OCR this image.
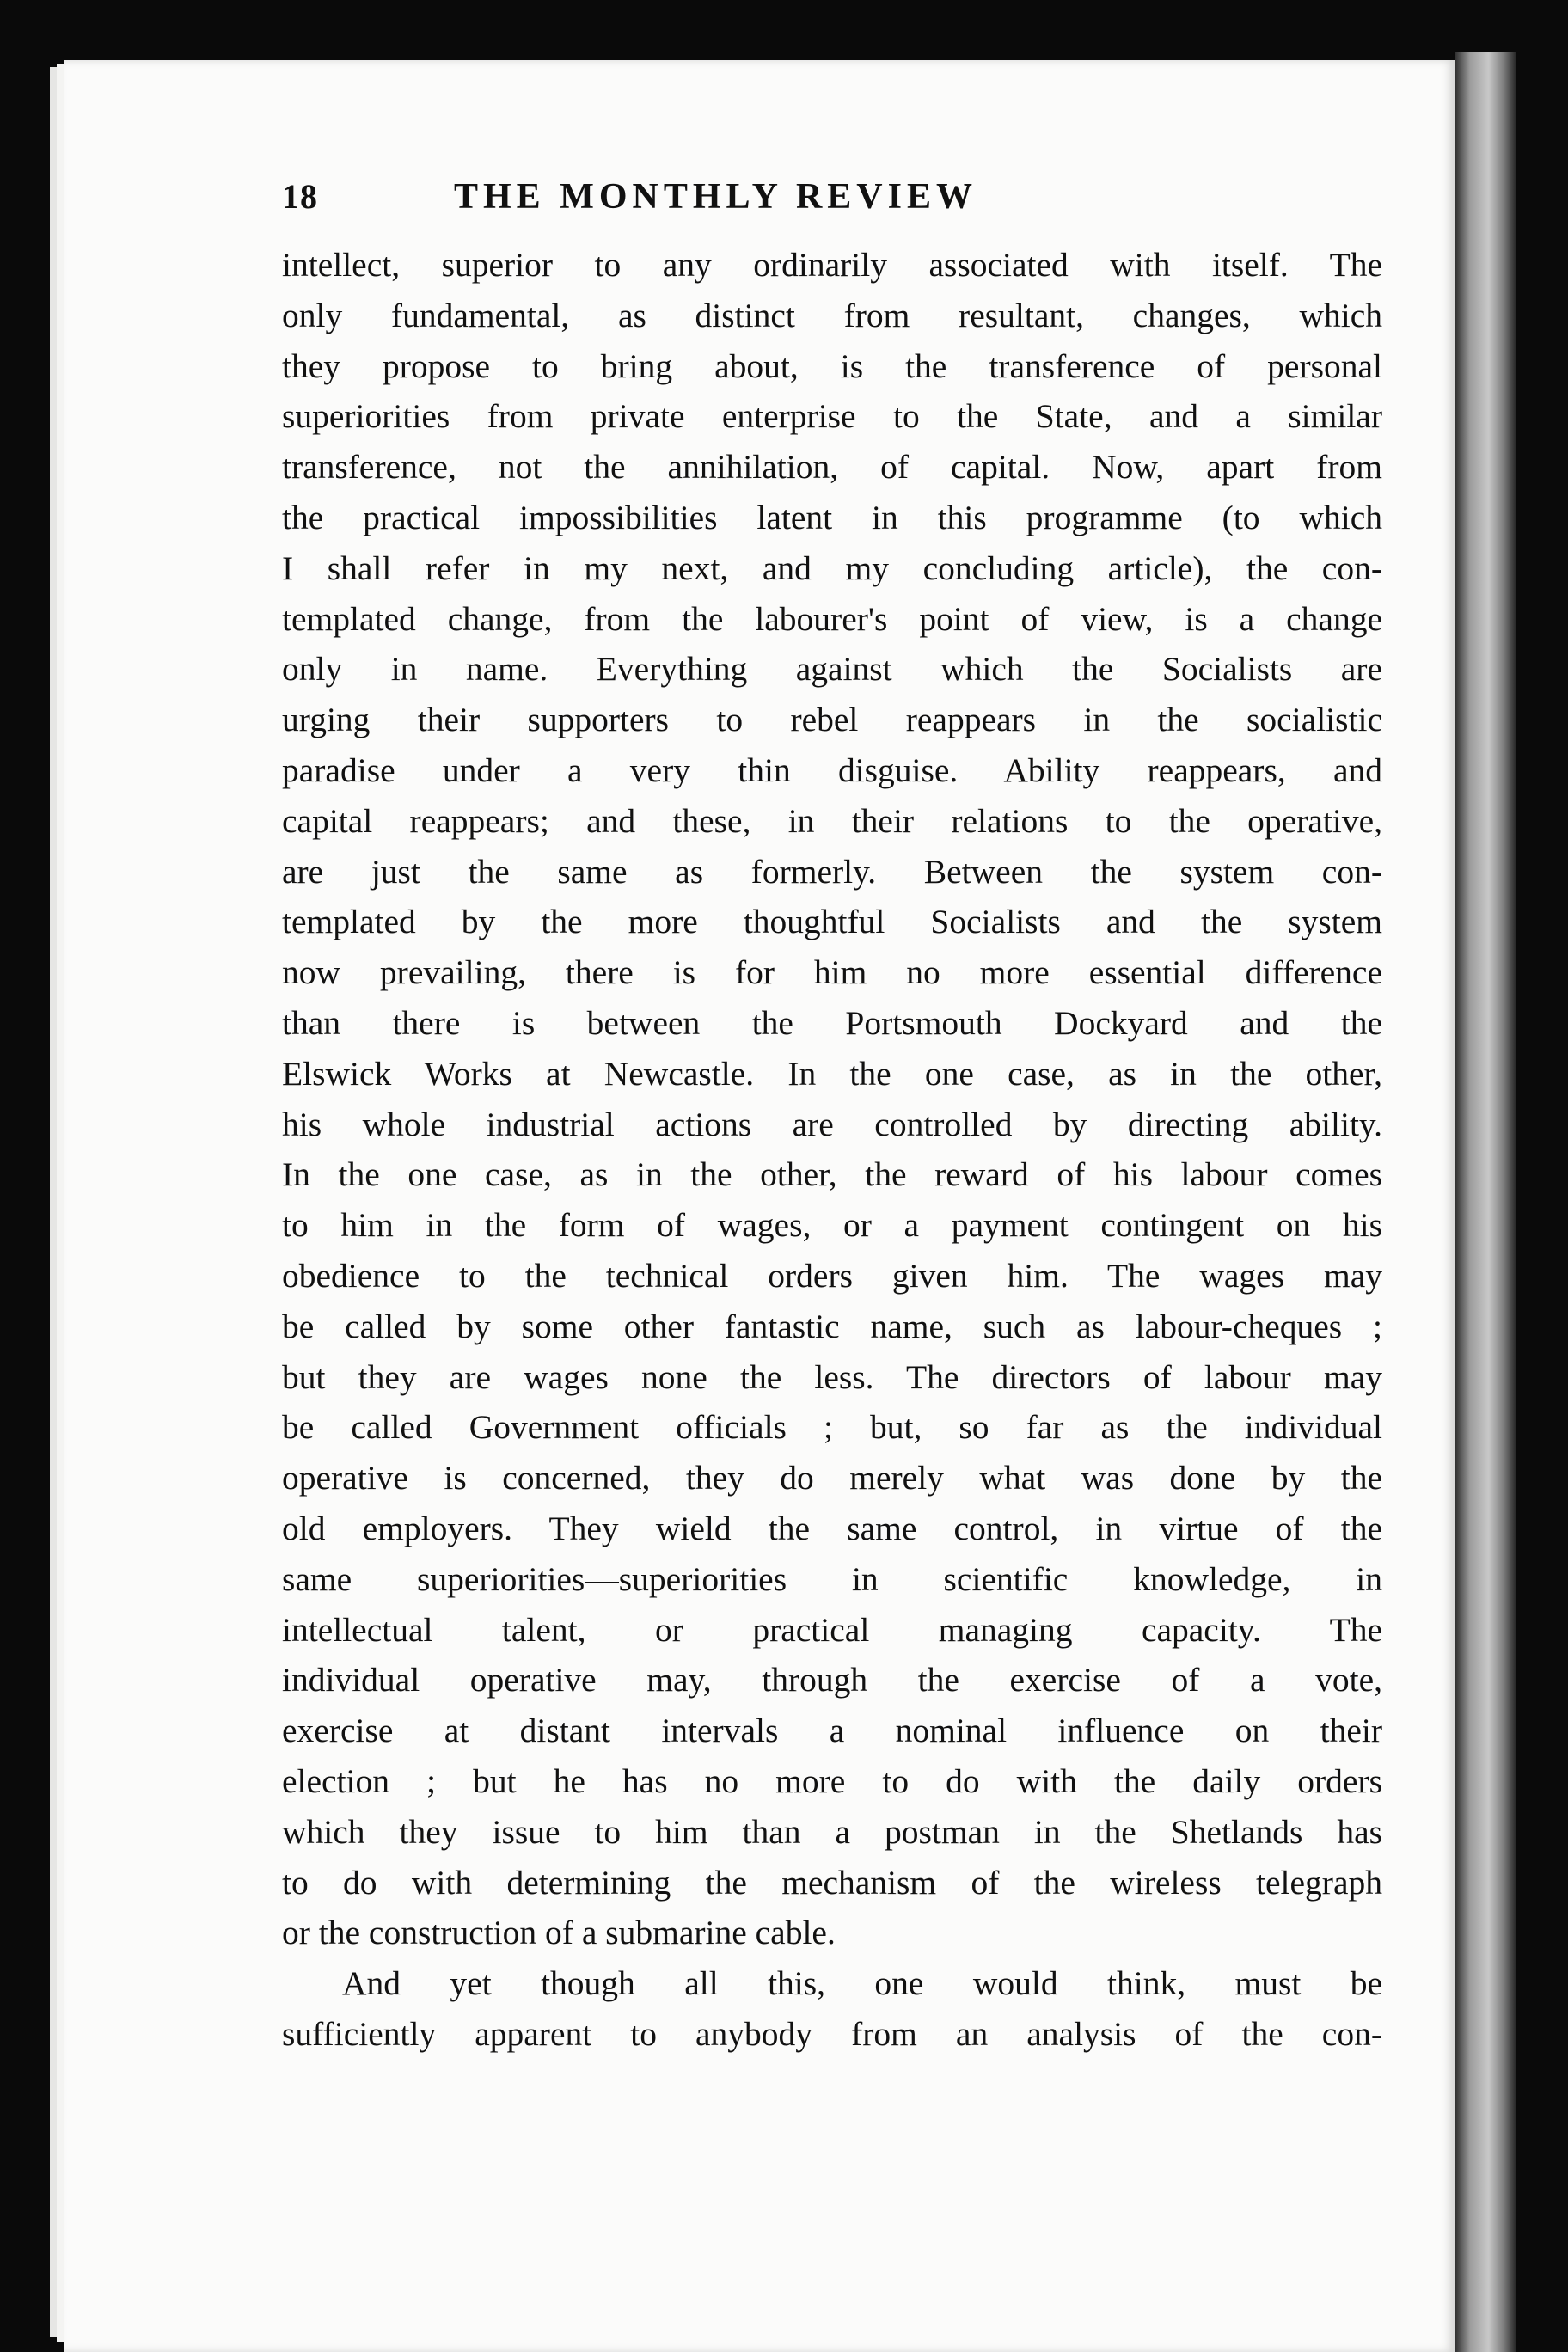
18	THE MONTHLY REVIEW
intellect, superior to any ordinarily associated with itself. The
only fundamental, as distinct from resultant, changes, which
they propose to bring about, is the transference of personal
superiorities from private enterprise to the State, and a similar
transference, not the annihilation, of capital. Now, apart from
the practical impossibilities latent in this programme (to which
I shall refer in my next, and my concluding article), the con-
templated change, from the labourer's point of view, is a change
only in name. Everything against which the Socialists are
urging their supporters to rebel reappears in the socialistic
paradise under a very thin disguise. Ability reappears, and
capital reappears; and these, in their relations to the operative,
are just the same as formerly. Between the system con-
templated by the more thoughtful Socialists and the system
now prevailing, there is for him no more essential difference
than there is between the Portsmouth Dockyard and the
Elswick Works at Newcastle. In the one case, as in the other,
his whole industrial actions are controlled by directing ability.
In the one case, as in the other, the reward of his labour comes
to him in the form of wages, or a payment contingent on his
obedience to the technical orders given him. The wages may
be called by some other fantastic name, such as labour-cheques ;
but they are wages none the less. The directors of labour may
be called Government officials ; but, so far as the individual
operative is concerned, they do merely what was done by the
old employers. They wield the same control, in virtue of the
same superiorities—superiorities in scientific knowledge, in
intellectual talent, or practical managing capacity. The
individual operative may, through the exercise of a vote,
exercise at distant intervals a nominal influence on their
election ; but he has no more to do with the daily orders
which they issue to him than a postman in the Shetlands has
to do with determining the mechanism of the wireless telegraph
or the construction of a submarine cable.
And yet though all this, one would think, must be
sufficiently apparent to anybody from an analysis of the con-
